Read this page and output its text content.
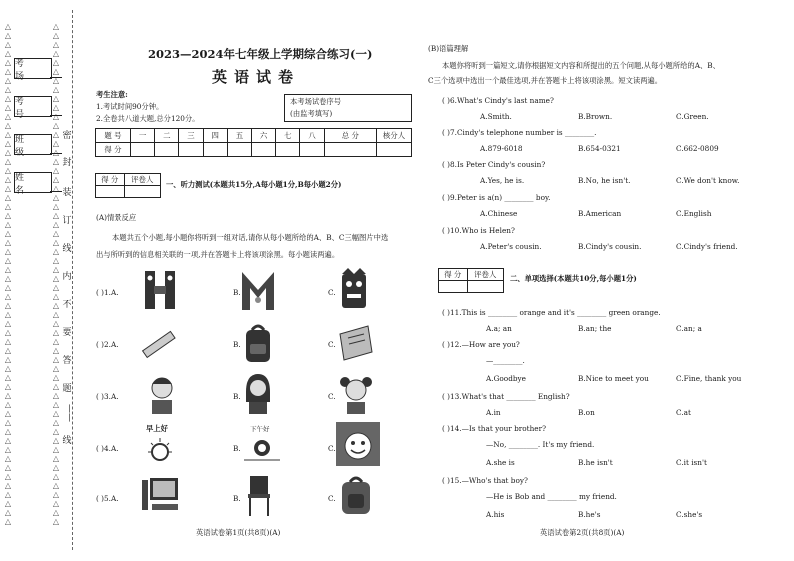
△
△
△
△
△
△
△
△
△
△
△
△
△
△
△
△
△
△
△
△
△
△
△
△
△
△
△
△
△
△
△
△
△
△
△
△
△
△
△
△
△
△
△
△
△
△
△
△
△
△
△
△
△
△
△
△
△
△
△
△
△
△
△
△
△
△
△
△
△
△
△
△
△
△
△
△
△
△
△
△
△
△
△
△
△
△
△
△
△
△
△
△
△
△
△
△
△
△
△
△
△
△
△
△
△
△
△
△
△
△
△
△
考 场
考 号
班 级
姓 名
密
封
装
订
线
内
不
要
答
题
——
线
2023—2024年七年级上学期综合练习(一)
英语试卷
考生注意:
1.考试时间90分钟。
2.全卷共八道大题,总分120分。
本考场试卷序号
(由监考填写)
题 号	一	二	三	四	五	六	七	八	总 分	核分人
得 分										
得 分	评卷人

一、听力测试(本题共15分,A每小题1分,B每小题2分)
(A)情景反应
本题共五个小题,每小题你将听到一组对话,请你从每小题所给的A、B、C三幅图片中选
出与所听到的信息相关联的一项,并在答题卡上将该项涂黑。每小题读两遍。
( )1.A.	B.	C.
( )2.A.	B.	C.
( )3.A.	B.	C.
( )4.A.
早上好
B.
下午好
C.
( )5.A.	B.	C.
英语试卷第1页(共8页)(A)
(B)语篇理解
本题你将听到一篇短文,请你根据短文内容和所提出的五个问题,从每小题所给的A、B、
C三个选项中选出一个最佳选项,并在答题卡上将该项涂黑。短文读两遍。
( )6.What's Cindy's last name?
A.Smith.	B.Brown.	C.Green.
( )7.Cindy's telephone number is ________.
A.879-6018	B.654-0321	C.662-0809
( )8.Is Peter Cindy's cousin?
A.Yes, he is.	B.No, he isn't.	C.We don't know.
( )9.Peter is a(n) ________ boy.
A.Chinese	B.American	C.English
( )10.Who is Helen?
A.Peter's cousin.	B.Cindy's cousin.	C.Cindy's friend.
得 分	评卷人
	二、单项选择(本题共10分,每小题1分)
( )11.This is ________ orange and it's ________ green orange.
A.a; an	B.an; the	C.an; a
( )12.—How are you?
—________.
A.Goodbye	B.Nice to meet you	C.Fine, thank you
( )13.What's that ________ English?
A.in	B.on	C.at
( )14.—Is that your brother?
—No, ________. It's my friend.
A.she is	B.he isn't	C.it isn't
( )15.—Who's that boy?
—He is Bob and ________ my friend.
A.his	B.he's	C.she's
英语试卷第2页(共8页)(A)
